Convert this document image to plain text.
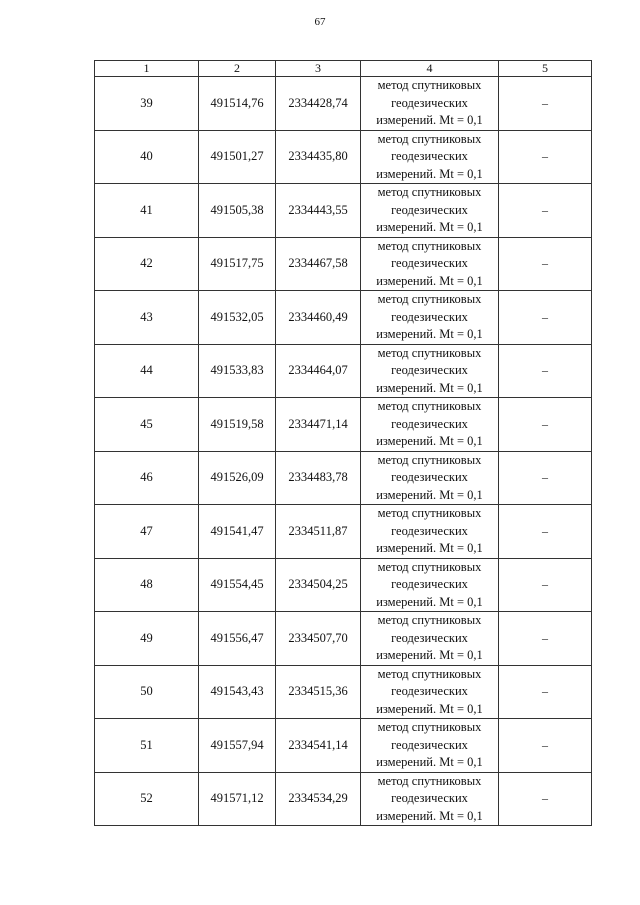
67
1	2	3	4	5
39	491514,76	2334428,74	метод спутниковых
геодезических
измерений. Mt = 0,1	–
40	491501,27	2334435,80	метод спутниковых
геодезических
измерений. Mt = 0,1	–
41	491505,38	2334443,55	метод спутниковых
геодезических
измерений. Mt = 0,1	–
42	491517,75	2334467,58	метод спутниковых
геодезических
измерений. Mt = 0,1	–
43	491532,05	2334460,49	метод спутниковых
геодезических
измерений. Mt = 0,1	–
44	491533,83	2334464,07	метод спутниковых
геодезических
измерений. Mt = 0,1	–
45	491519,58	2334471,14	метод спутниковых
геодезических
измерений. Mt = 0,1	–
46	491526,09	2334483,78	метод спутниковых
геодезических
измерений. Mt = 0,1	–
47	491541,47	2334511,87	метод спутниковых
геодезических
измерений. Mt = 0,1	–
48	491554,45	2334504,25	метод спутниковых
геодезических
измерений. Mt = 0,1	–
49	491556,47	2334507,70	метод спутниковых
геодезических
измерений. Mt = 0,1	–
50	491543,43	2334515,36	метод спутниковых
геодезических
измерений. Mt = 0,1	–
51	491557,94	2334541,14	метод спутниковых
геодезических
измерений. Mt = 0,1	–
52	491571,12	2334534,29	метод спутниковых
геодезических
измерений. Mt = 0,1	–
